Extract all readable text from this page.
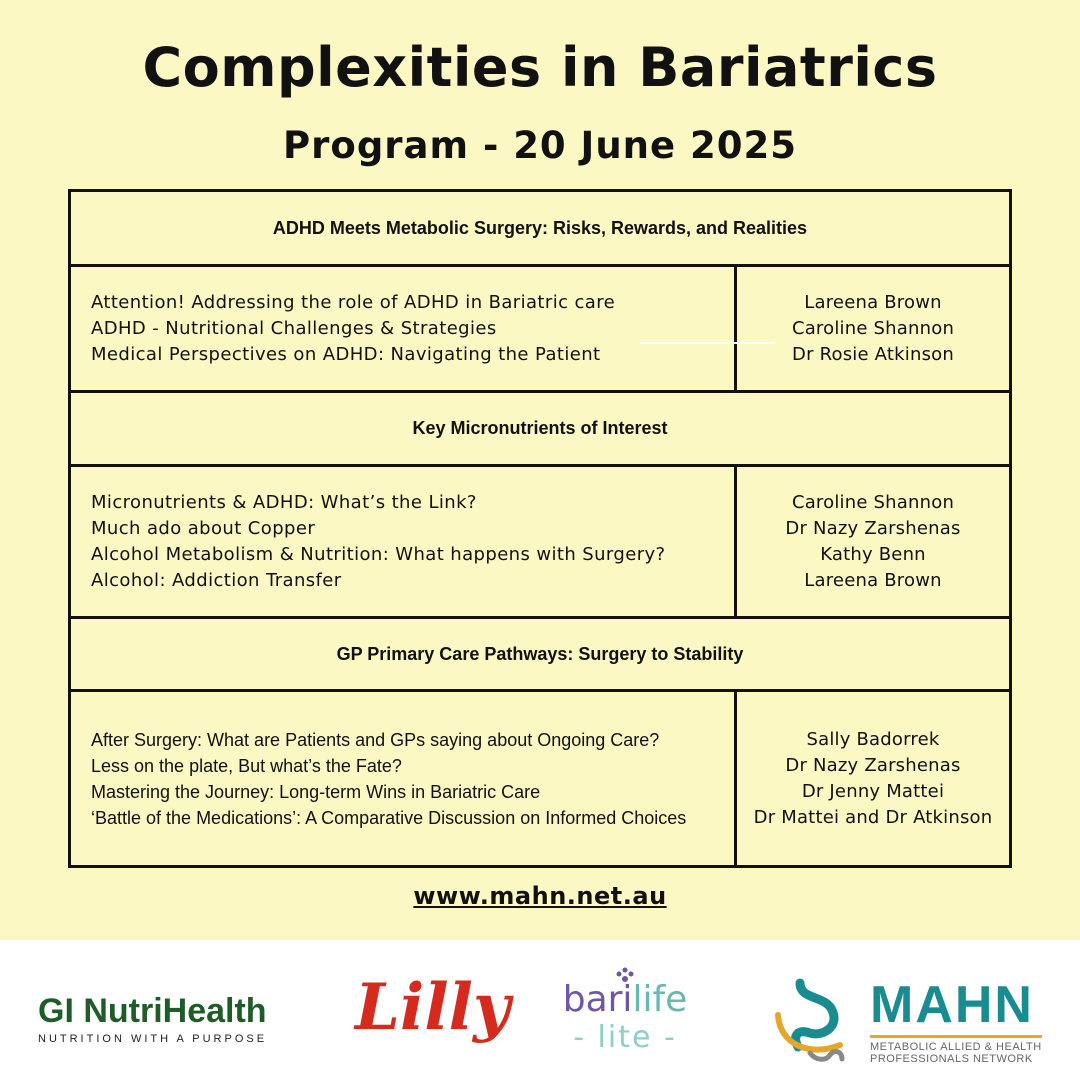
Complexities in Bariatrics
Program - 20 June 2025
ADHD Meets Metabolic Surgery: Risks, Rewards, and Realities
Attention! Addressing the role of ADHD in Bariatric care
ADHD - Nutritional Challenges & Strategies
Medical Perspectives on ADHD: Navigating the Patient
Lareena Brown
Caroline Shannon
Dr Rosie Atkinson
Key Micronutrients of Interest
Micronutrients & ADHD: What’s the Link?
Much ado about Copper
Alcohol Metabolism & Nutrition: What happens with Surgery?
Alcohol: Addiction Transfer
Caroline Shannon
Dr Nazy Zarshenas
Kathy Benn
Lareena Brown
GP Primary Care Pathways: Surgery to Stability
After Surgery: What are Patients and GPs saying about Ongoing Care?
Less on the plate, But what’s the Fate?
Mastering the Journey: Long-term Wins in Bariatric Care
‘Battle of the Medications’: A Comparative Discussion on Informed Choices
Sally Badorrek
Dr Nazy Zarshenas
Dr Jenny Mattei
Dr Mattei and Dr Atkinson
www.mahn.net.au
GI NutriHealth
NUTRITION WITH A PURPOSE Lilly	barilife
- lite -
MAHN
METABOLIC ALLIED & HEALTH PROFESSIONALS NETWORK
